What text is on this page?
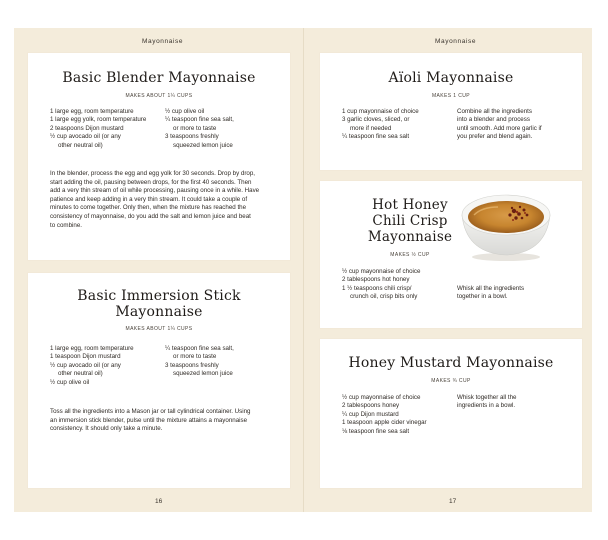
Mayonnaise
Basic Blender Mayonnaise
MAKES ABOUT 1¼ CUPS
1 large egg, room temperature
1 large egg yolk, room temperature
2 teaspoons Dijon mustard
½ cup avocado oil (or any
other neutral oil)
½ cup olive oil
¼ teaspoon fine sea salt,
or more to taste
3 teaspoons freshly
squeezed lemon juice
In the blender, process the egg and egg yolk for 30 seconds. Drop by drop,
start adding the oil, pausing between drops, for the first 40 seconds. Then
add a very thin stream of oil while processing, pausing once in a while. Have
patience and keep adding in a very thin stream. It could take a couple of
minutes to come together. Only then, when the mixture has reached the
consistency of mayonnaise, do you add the salt and lemon juice and beat
to combine.
Basic Immersion Stick
Mayonnaise
MAKES ABOUT 1¼ CUPS
1 large egg, room temperature
1 teaspoon Dijon mustard
½ cup avocado oil (or any
other neutral oil)
½ cup olive oil
¼ teaspoon fine sea salt,
or more to taste
3 teaspoons freshly
squeezed lemon juice
Toss all the ingredients into a Mason jar or tall cylindrical container. Using
an immersion stick blender, pulse until the mixture attains a mayonnaise
consistency. It should only take a minute.
16
Mayonnaise
Aïoli Mayonnaise
MAKES 1 CUP
1 cup mayonnaise of choice
3 garlic cloves, sliced, or
more if needed
¼ teaspoon fine sea salt
Combine all the ingredients
into a blender and process
until smooth. Add more garlic if
you prefer and blend again.
Hot Honey
Chili Crisp
Mayonnaise
MAKES ½ CUP
½ cup mayonnaise of choice
2 tablespoons hot honey
1 ½ teaspoons chili crisp/
crunch oil, crisp bits only
Whisk all the ingredients
together in a bowl.
Honey Mustard Mayonnaise
MAKES ¾ CUP
½ cup mayonnaise of choice
2 tablespoons honey
¼ cup Dijon mustard
1 teaspoon apple cider vinegar
⅛ teaspoon fine sea salt
Whisk together all the
ingredients in a bowl.
17
